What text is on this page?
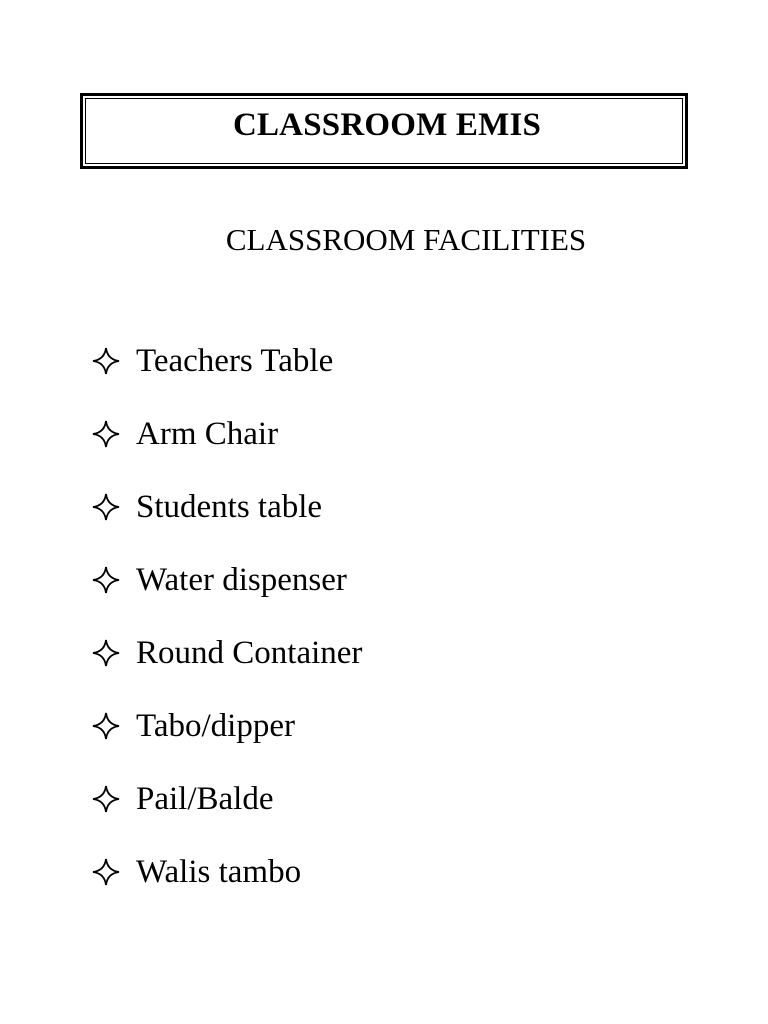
CLASSROOM EMIS
CLASSROOM FACILITIES
Teachers Table
Arm Chair
Students table
Water dispenser
Round Container
Tabo/dipper
Pail/Balde
Walis tambo
